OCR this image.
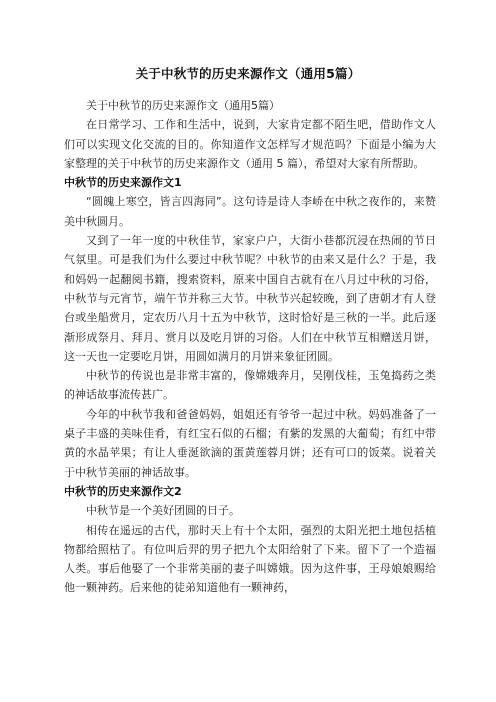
关于中秋节的历史来源作文（通用5篇）

关于中秋节的历史来源作文（通用5篇）

在日常学习、工作和生活中，说到，大家肯定都不陌生吧，借助作文人们可以实现文化交流的目的。你知道作文怎样写才规范吗？下面是小编为大家整理的关于中秋节的历史来源作文（通用 5 篇），希望对大家有所帮助。

中秋节的历史来源作文1

“圆魄上寒空，皆言四海同”。这句诗是诗人李峤在中秋之夜作的，来赞美中秋圆月。

又到了一年一度的中秋佳节，家家户户，大街小巷都沉浸在热闹的节日气氛里。可是我们为什么要过中秋节呢？中秋节的由来又是什么？于是，我和妈妈一起翻阅书籍，搜索资料，原来中国自古就有在八月过中秋的习俗，中秋节与元宵节，端午节并称三大节。中秋节兴起较晚，到了唐朝才有人登台或坐船赏月，定农历八月十五为中秋节，这时恰好是三秋的一半。此后逐渐形成祭月、拜月、赏月以及吃月饼的习俗。人们在中秋节互相赠送月饼，这一天也一定要吃月饼，用圆如满月的月饼来象征团圆。

中秋节的传说也是非常丰富的，像嫦娥奔月，吴刚伐桂，玉兔捣药之类的神话故事流传甚广。

今年的中秋节我和爸爸妈妈，姐姐还有爷爷一起过中秋。妈妈准备了一桌子丰盛的美味佳肴，有红宝石似的石榴；有紫的发黑的大葡萄；有红中带黄的水晶苹果；有让人垂涎欲滴的蛋黄莲蓉月饼；还有可口的饭菜。说着关于中秋节美丽的神话故事。

中秋节的历史来源作文2

中秋节是一个美好团圆的日子。

相传在遥远的古代，那时天上有十个太阳，强烈的太阳光把土地包括植物都给照枯了。有位叫后羿的男子把九个太阳给射了下来。留下了一个造福人类。事后他娶了一个非常美丽的妻子叫嫦娥。因为这件事，王母娘娘赐给他一颗神药。后来他的徒弟知道他有一颗神药，
